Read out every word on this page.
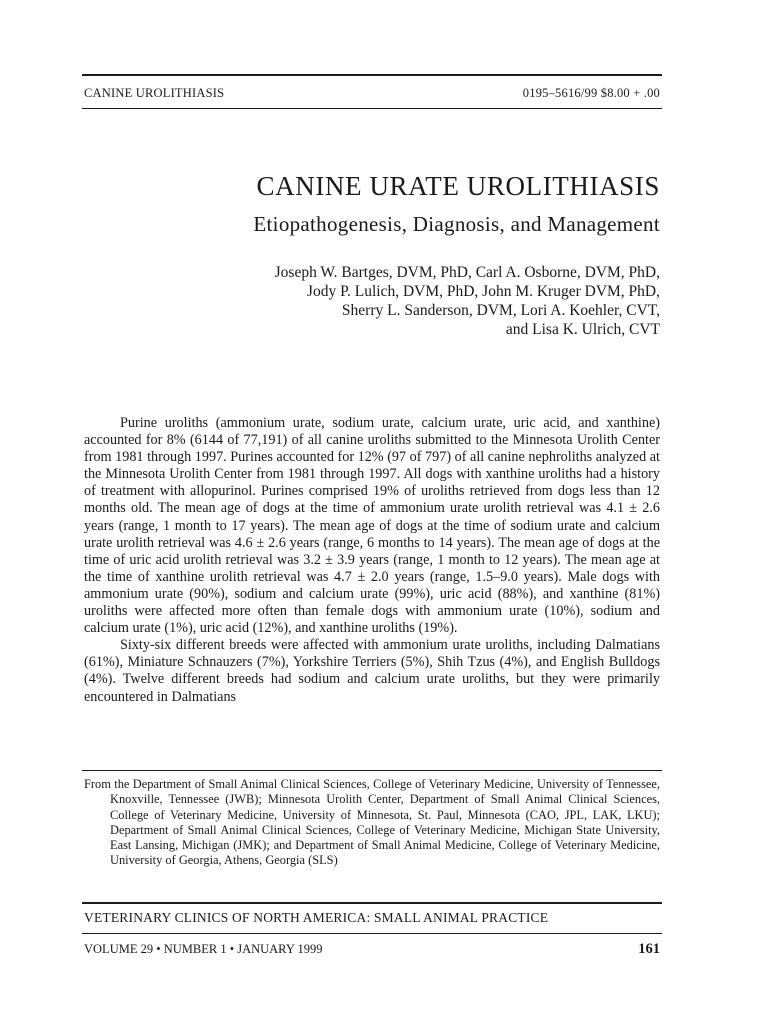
CANINE UROLITHIASIS	0195–5616/99 $8.00 + .00
CANINE URATE UROLITHIASIS
Etiopathogenesis, Diagnosis, and Management
Joseph W. Bartges, DVM, PhD, Carl A. Osborne, DVM, PhD,
Jody P. Lulich, DVM, PhD, John M. Kruger DVM, PhD,
Sherry L. Sanderson, DVM, Lori A. Koehler, CVT,
and Lisa K. Ulrich, CVT

Purine uroliths (ammonium urate, sodium urate, calcium urate, uric acid, and xanthine) accounted for 8% (6144 of 77,191) of all canine uroliths submitted to the Minnesota Urolith Center from 1981 through 1997. Purines accounted for 12% (97 of 797) of all canine nephroliths analyzed at the Minnesota Urolith Center from 1981 through 1997. All dogs with xanthine uroliths had a history of treatment with allopurinol. Purines comprised 19% of uroliths retrieved from dogs less than 12 months old. The mean age of dogs at the time of ammonium urate urolith retrieval was 4.1 ± 2.6 years (range, 1 month to 17 years). The mean age of dogs at the time of sodium urate and calcium urate urolith retrieval was 4.6 ± 2.6 years (range, 6 months to 14 years). The mean age of dogs at the time of uric acid urolith retrieval was 3.2 ± 3.9 years (range, 1 month to 12 years). The mean age at the time of xanthine urolith retrieval was 4.7 ± 2.0 years (range, 1.5–9.0 years). Male dogs with ammonium urate (90%), sodium and calcium urate (99%), uric acid (88%), and xanthine (81%) uroliths were affected more often than female dogs with ammonium urate (10%), sodium and calcium urate (1%), uric acid (12%), and xanthine uroliths (19%).

Sixty-six different breeds were affected with ammonium urate uroliths, including Dalmatians (61%), Miniature Schnauzers (7%), Yorkshire Terriers (5%), Shih Tzus (4%), and English Bulldogs (4%). Twelve different breeds had sodium and calcium urate uroliths, but they were primarily encountered in Dalmatians

From the Department of Small Animal Clinical Sciences, College of Veterinary Medicine, University of Tennessee, Knoxville, Tennessee (JWB); Minnesota Urolith Center, Department of Small Animal Clinical Sciences, College of Veterinary Medicine, University of Minnesota, St. Paul, Minnesota (CAO, JPL, LAK, LKU); Department of Small Animal Clinical Sciences, College of Veterinary Medicine, Michigan State University, East Lansing, Michigan (JMK); and Department of Small Animal Medicine, College of Veterinary Medicine, University of Georgia, Athens, Georgia (SLS)
VETERINARY CLINICS OF NORTH AMERICA: SMALL ANIMAL PRACTICE
VOLUME 29 • NUMBER 1 • JANUARY 1999	161
